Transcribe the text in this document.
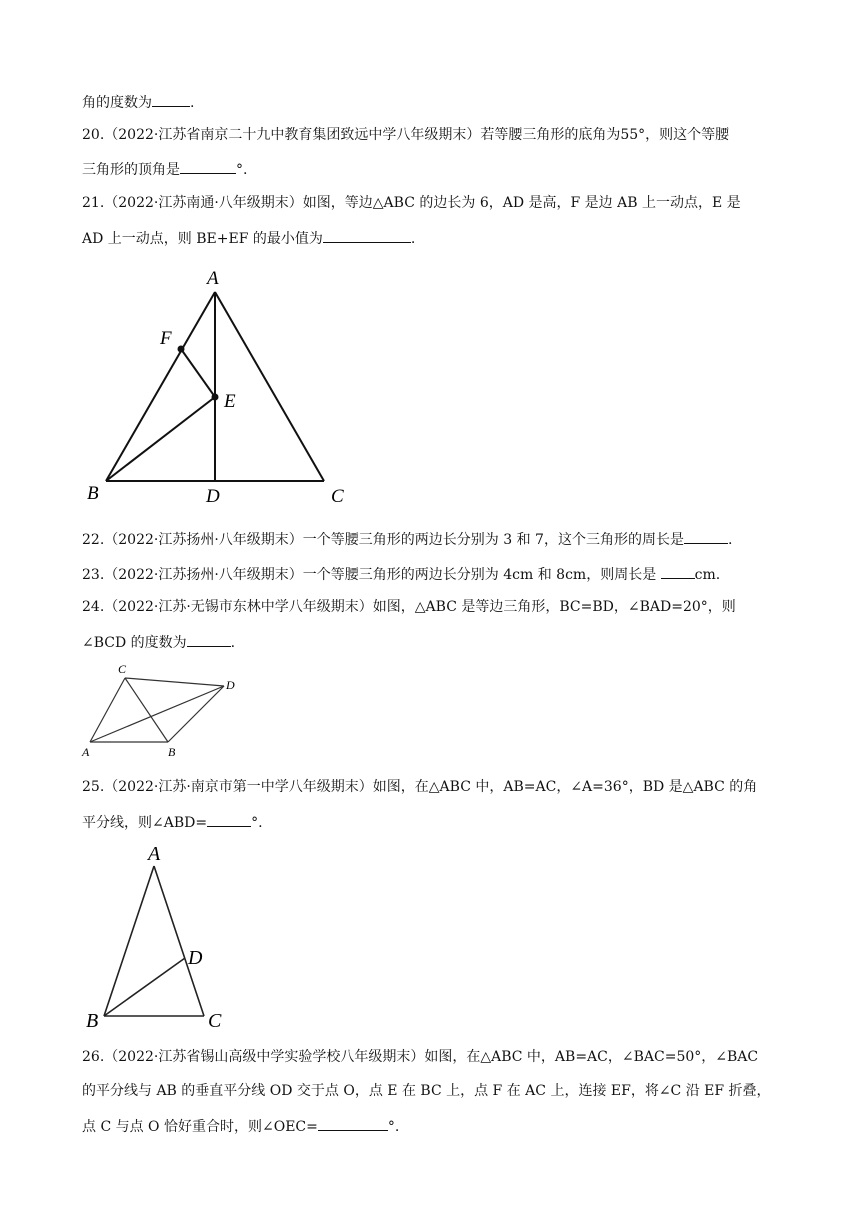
角的度数为	.
20.（2022·江苏省南京二十九中教育集团致远中学八年级期末）若等腰三角形的底角为55°，则这个等腰
三角形的顶角是	°.
21.（2022·江苏南通·八年级期末）如图，等边△ABC 的边长为 6，AD 是高，F 是边 AB 上一动点，E 是
AD 上一动点，则 BE+EF 的最小值为	.
A
F
E
B	D	C
22.（2022·江苏扬州·八年级期末）一个等腰三角形的两边长分别为 3 和 7，这个三角形的周长是	.
23.（2022·江苏扬州·八年级期末）一个等腰三角形的两边长分别为 4cm 和 8cm，则周长是 cm.
24.（2022·江苏·无锡市东林中学八年级期末）如图，△ABC 是等边三角形，BC=BD，∠BAD=20°，则
∠BCD 的度数为	.
C
D
A	B
25.（2022·江苏·南京市第一中学八年级期末）如图，在△ABC 中，AB=AC，∠A=36°，BD 是△ABC 的角
平分线，则∠ABD=	°.
A
D
B	C
26.（2022·江苏省锡山高级中学实验学校八年级期末）如图，在△ABC 中，AB=AC，∠BAC=50°，∠BAC
的平分线与 AB 的垂直平分线 OD 交于点 O，点 E 在 BC 上，点 F 在 AC 上，连接 EF，将∠C 沿 EF 折叠，
点 C 与点 O 恰好重合时，则∠OEC=	°.
